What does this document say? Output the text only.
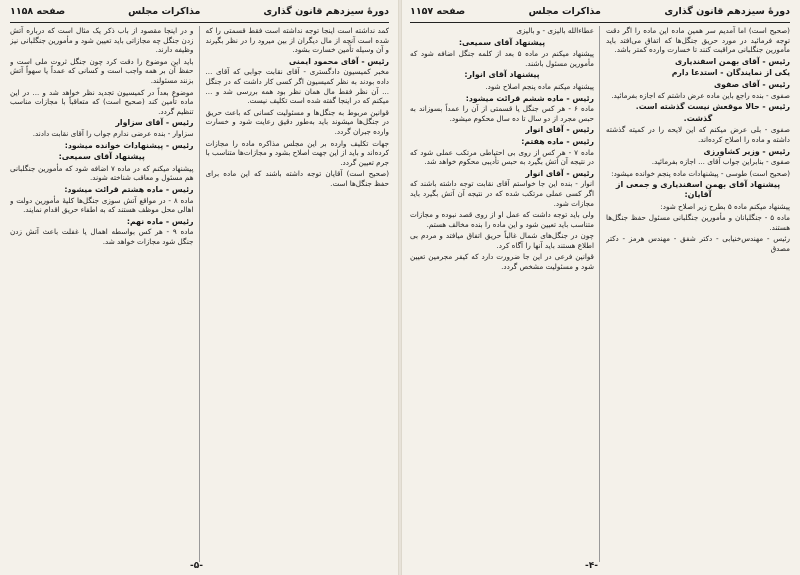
دورهٔ سیزدهم قانون گذاری
مذاکرات مجلس
صفحه ۱۱۵۸
کمد نداشته است اینجا توجه نداشته است فقط قسمتی را که شده است آنچه از مال دیگران از بین میرود را در نظر بگیرند و آن وسیله تأمین خسارت بشود.
رئیس - آقای محمود ایمنی
مخبر کمیسیون دادگستری - آقای نقابت جوابی که آقای ... داده بودند به نظر کمیسیون اگر کسی کار داشت که در جنگل ... آن نظر فقط مال همان نظر بود همه بررسی شد و ... میکنم که در اینجا گفته شده است تکلیف نیست.
قوانین مربوط به جنگل‌ها و مسئولیت کسانی که باعث حریق در جنگل‌ها میشوند باید به‌طور دقیق رعایت شود و خسارت وارده جبران گردد.
جهات تکلیف وارده بر این مجلس مذاکره ماده را مجازات کرده‌اند و باید از این جهت اصلاح بشود و مجازات‌ها متناسب با جرم تعیین گردد.
(صحیح است) آقایان توجه داشته باشند که این ماده برای حفظ جنگل‌ها است.
و در اینجا مقصود از باب ذکر یک مثال است که درباره آتش زدن جنگل چه مجازاتی باید تعیین شود و مأمورین جنگلبانی نیز وظیفه دارند.
باید این موضوع را دقت کرد چون جنگل ثروت ملی است و حفظ آن بر همه واجب است و کسانی که عمداً یا سهواً آتش بزنند مسئولند.
موضوع بعداً در کمیسیون تجدید نظر خواهد شد و ... در این ماده تأمین کند (صحیح است) که متعاقباً با مجازات مناسب تنظیم گردد.
رئیس - آقای سزاوار
سزاوار - بنده عرضی ندارم جواب را آقای نقابت دادند.
رئیس - پیشنهادات خوانده میشود:
پیشنهاد آقای سمیعی:
پیشنهاد میکنم که در ماده ۷ اضافه شود که مأمورین جنگلبانی هم مسئول و معاقب شناخته شوند.
رئیس - ماده هشتم قرائت میشود:
ماده ۸ - در مواقع آتش سوزی جنگل‌ها کلیهٔ مأمورین دولت و اهالی محل موظف هستند که به اطفاء حریق اقدام نمایند.
رئیس - ماده نهم:
ماده ۹ - هر کس بواسطه اهمال یا غفلت باعث آتش زدن جنگل شود مجازات خواهد شد.
-۵-
دورهٔ سیزدهم قانون گذاری
مذاکرات مجلس
صفحه ۱۱۵۷
(صحیح است) اما آمدیم سر همین ماده این ماده را اگر دقت توجه فرمائید در مورد حریق جنگل‌ها که اتفاق می‌افتد باید مأمورین جنگلبانی مراقبت کنند تا خسارت وارده کمتر باشد.
رئیس - آقای بهمن اسفندیاری
یکی از نمایندگان - استدعا دارم
رئیس - آقای صفوی
صفوی - بنده راجع باین ماده عرض داشتم که اجازه بفرمائید.
رئیس - حالا موقعش نیست گذشته است.
گذشت.
صفوی - بلی عرض میکنم که این لایحه را در کمیته گذشته داشته و ماده را اصلاح کرده‌اند.
رئیس - وزیر کشاورزی
صفوی - بنابراین جواب آقای ... اجازه بفرمائید.
(صحیح است) طوسی - پیشنهادات ماده پنجم خوانده میشود:
پیشنهاد آقای بهمن اسفندیاری و جمعی از آقایان:
پیشنهاد میکنم ماده ۵ بطرح زیر اصلاح شود:
ماده ۵ - جنگلبانان و مأمورین جنگلبانی مسئول حفظ جنگل‌ها هستند.
رئیس - مهندس‌خنیابی - دکتر شفق - مهندس هرمز - دکتر مصدق
عطاءالله بالیزی - و بالیزی
پیشنهاد آقای سمیعی:
پیشنهاد میکنم در ماده ۵ بعد از کلمه جنگل اضافه شود که مأمورین مسئول باشند.
پیشنهاد آقای انوار:
پیشنهاد میکنم ماده پنجم اصلاح شود.
رئیس - ماده ششم قرائت میشود:
ماده ۶ - هر کس جنگل یا قسمتی از آن را عمداً بسوزاند به حبس مجرد از دو سال تا ده سال محکوم میشود.
رئیس - آقای انوار
رئیس - ماده هفتم:
ماده ۷ - هر کس از روی بی احتیاطی مرتکب عملی شود که در نتیجه آن آتش بگیرد به حبس تأدیبی محکوم خواهد شد.
رئیس - آقای انوار
انوار - بنده این جا خواستم آقای نقابت توجه داشته باشند که اگر کسی عملی مرتکب شده که در نتیجه آن آتش بگیرد باید مجازات شود.
ولی باید توجه داشت که عمل او از روی قصد نبوده و مجازات متناسب باید تعیین شود و این ماده را بنده مخالف هستم.
چون در جنگل‌های شمال غالباً حریق اتفاق میافتد و مردم بی اطلاع هستند باید آنها را آگاه کرد.
قوانین فرعی در این جا ضرورت دارد که کیفر مجرمین تعیین شود و مسئولیت مشخص گردد.
-۴-
